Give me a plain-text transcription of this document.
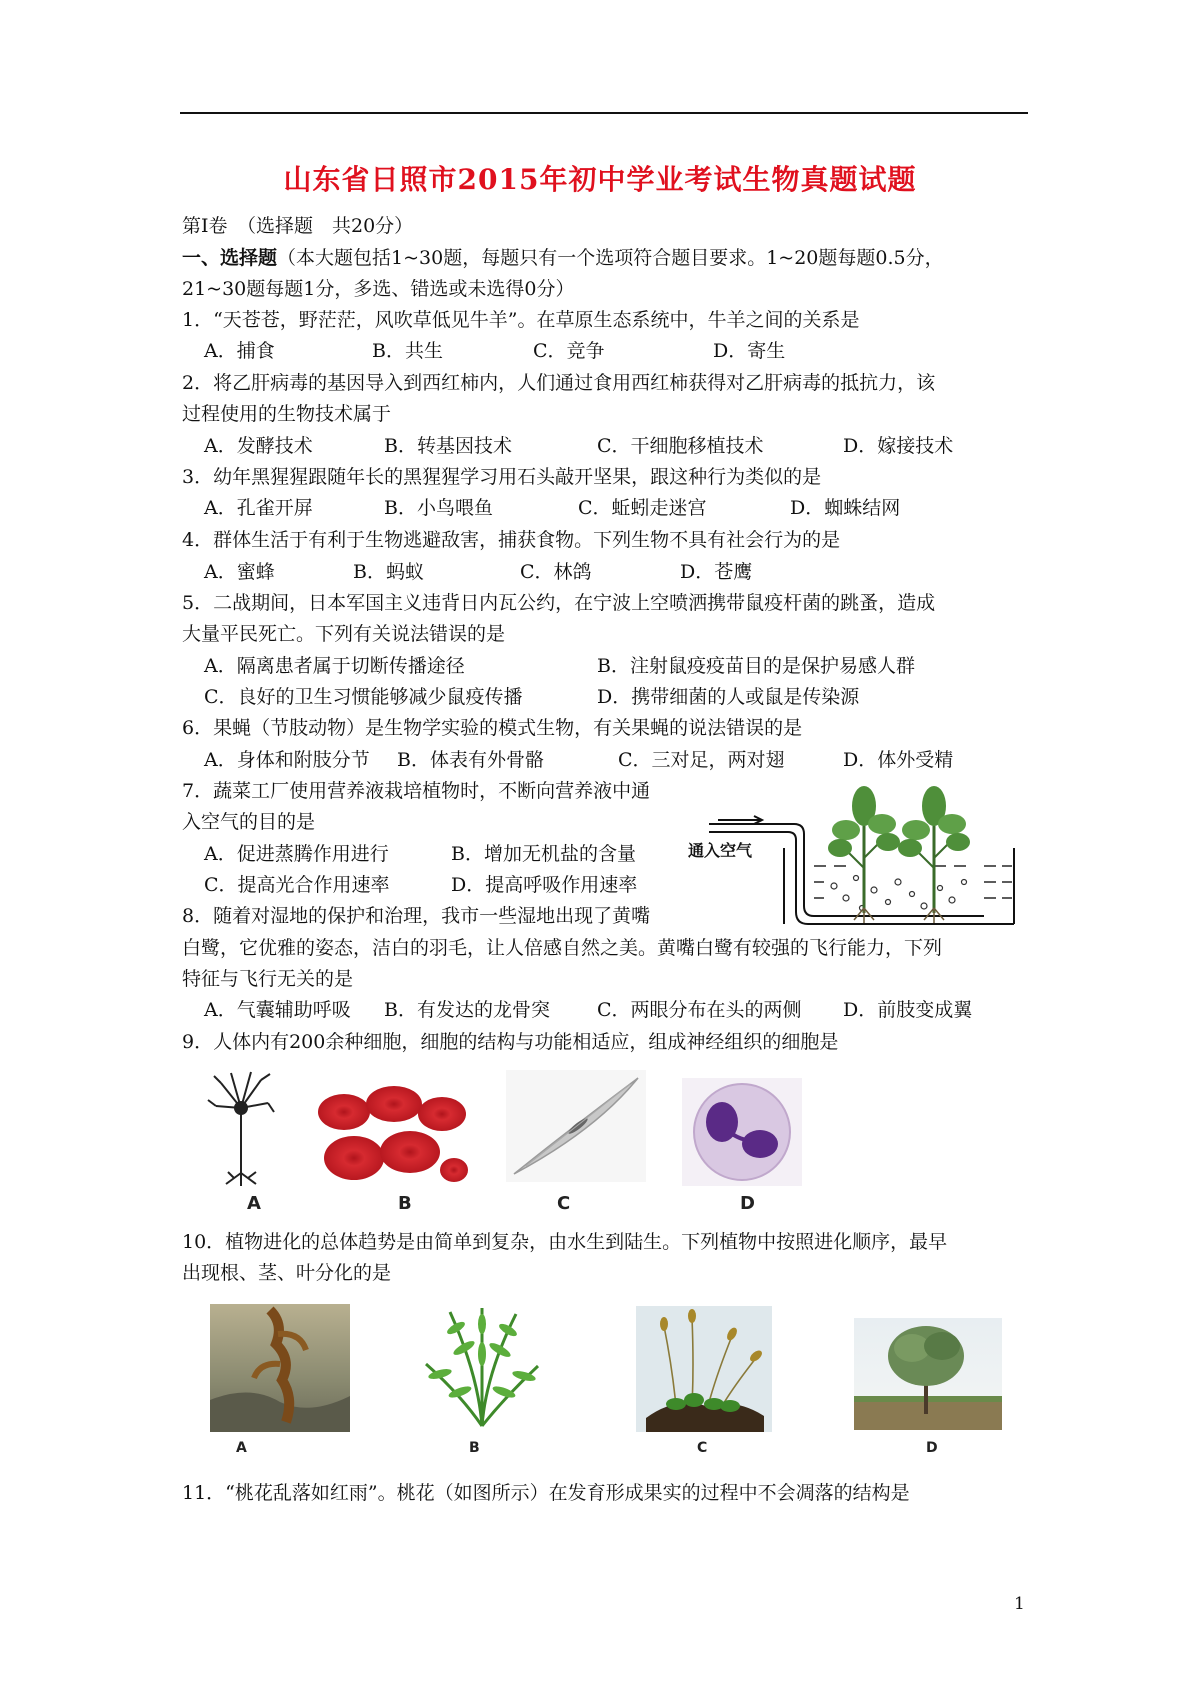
山东省日照市2015年初中学业考试生物真题试题
第Ⅰ卷　（选择题　共20分）
一、选择题（本大题包括1~30题，每题只有一个选项符合题目要求。1~20题每题0.5分，
21~30题每题1分，多选、错选或未选得0分）
1．“天苍苍，野茫茫，风吹草低见牛羊”。在草原生态系统中，牛羊之间的关系是
A．捕食	B．共生	C．竞争	D．寄生
2．将乙肝病毒的基因导入到西红柿内，人们通过食用西红柿获得对乙肝病毒的抵抗力，该
过程使用的生物技术属于
A．发酵技术	B．转基因技术	C．干细胞移植技术	D．嫁接技术
3．幼年黑猩猩跟随年长的黑猩猩学习用石头敲开坚果，跟这种行为类似的是
A．孔雀开屏	B．小鸟喂鱼	C．蚯蚓走迷宫	D．蜘蛛结网
4．群体生活于有利于生物逃避敌害，捕获食物。下列生物不具有社会行为的是
A．蜜蜂	B．蚂蚁	C．林鸽	D．苍鹰
5．二战期间，日本军国主义违背日内瓦公约，在宁波上空喷洒携带鼠疫杆菌的跳蚤，造成
大量平民死亡。下列有关说法错误的是
A．隔离患者属于切断传播途径	B．注射鼠疫疫苗目的是保护易感人群
C．良好的卫生习惯能够减少鼠疫传播	D．携带细菌的人或鼠是传染源
6．果蝇（节肢动物）是生物学实验的模式生物，有关果蝇的说法错误的是
A．身体和附肢分节 B．体表有外骨骼	C．三对足，两对翅	D．体外受精
7．蔬菜工厂使用营养液栽培植物时，不断向营养液中通
入空气的目的是
A．促进蒸腾作用进行	B．增加无机盐的含量
C．提高光合作用速率	D．提高呼吸作用速率
通入空气
8．随着对湿地的保护和治理，我市一些湿地出现了黄嘴
白鹭，它优雅的姿态，洁白的羽毛，让人倍感自然之美。黄嘴白鹭有较强的飞行能力，下列
特征与飞行无关的是
A．气囊辅助呼吸 B．有发达的龙骨突 C．两眼分布在头的两侧 D．前肢变成翼
9．人体内有200余种细胞，细胞的结构与功能相适应，组成神经组织的细胞是
A	B	C	D
10．植物进化的总体趋势是由简单到复杂，由水生到陆生。下列植物中按照进化顺序，最早
出现根、茎、叶分化的是
A	B	C	D
11．“桃花乱落如红雨”。桃花（如图所示）在发育形成果实的过程中不会凋落的结构是
1
